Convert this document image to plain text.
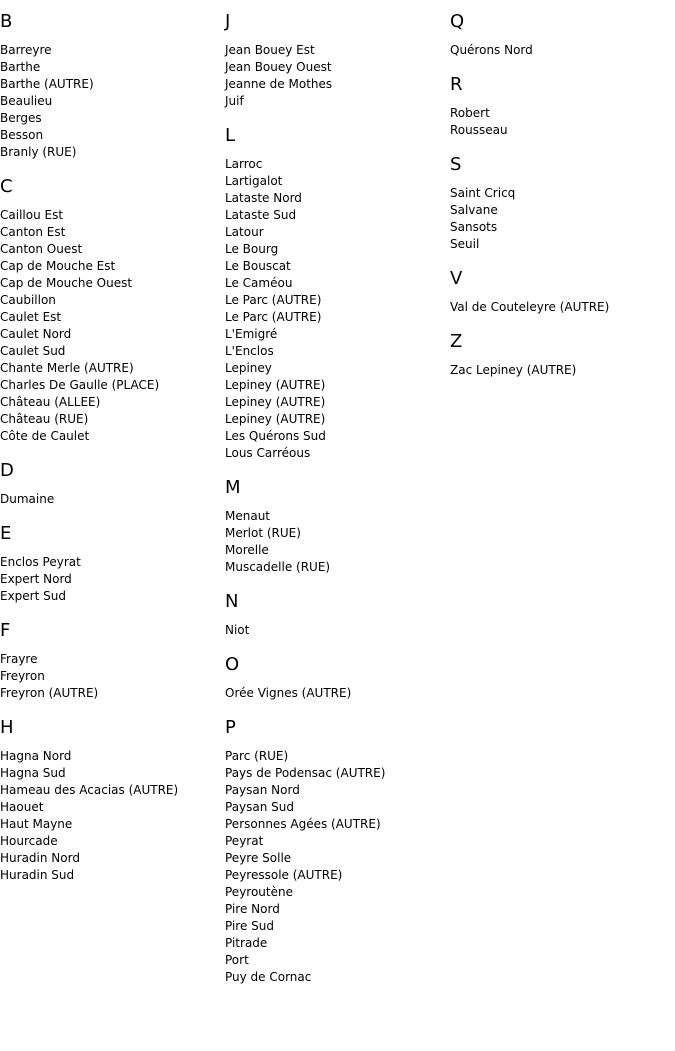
B
Barreyre
Barthe
Barthe (AUTRE)
Beaulieu
Berges
Besson
Branly (RUE)
C
Caillou Est
Canton Est
Canton Ouest
Cap de Mouche Est
Cap de Mouche Ouest
Caubillon
Caulet Est
Caulet Nord
Caulet Sud
Chante Merle (AUTRE)
Charles De Gaulle (PLACE)
Château (ALLEE)
Château (RUE)
Côte de Caulet
D
Dumaine
E
Enclos Peyrat
Expert Nord
Expert Sud
F
Frayre
Freyron
Freyron (AUTRE)
H
Hagna Nord
Hagna Sud
Hameau des Acacias (AUTRE)
Haouet
Haut Mayne
Hourcade
Huradin Nord
Huradin Sud
J
Jean Bouey Est
Jean Bouey Ouest
Jeanne de Mothes
Juif
L
Larroc
Lartigalot
Lataste Nord
Lataste Sud
Latour
Le Bourg
Le Bouscat
Le Caméou
Le Parc (AUTRE)
Le Parc (AUTRE)
L'Emigré
L'Enclos
Lepiney
Lepiney (AUTRE)
Lepiney (AUTRE)
Lepiney (AUTRE)
Les Quérons Sud
Lous Carréous
M
Menaut
Merlot (RUE)
Morelle
Muscadelle (RUE)
N
Niot
O
Orée Vignes (AUTRE)
P
Parc (RUE)
Pays de Podensac (AUTRE)
Paysan Nord
Paysan Sud
Personnes Agées (AUTRE)
Peyrat
Peyre Solle
Peyressole (AUTRE)
Peyroutène
Pire Nord
Pire Sud
Pitrade
Port
Puy de Cornac
Q
Quérons Nord
R
Robert
Rousseau
S
Saint Cricq
Salvane
Sansots
Seuil
V
Val de Couteleyre (AUTRE)
Z
Zac Lepiney (AUTRE)
